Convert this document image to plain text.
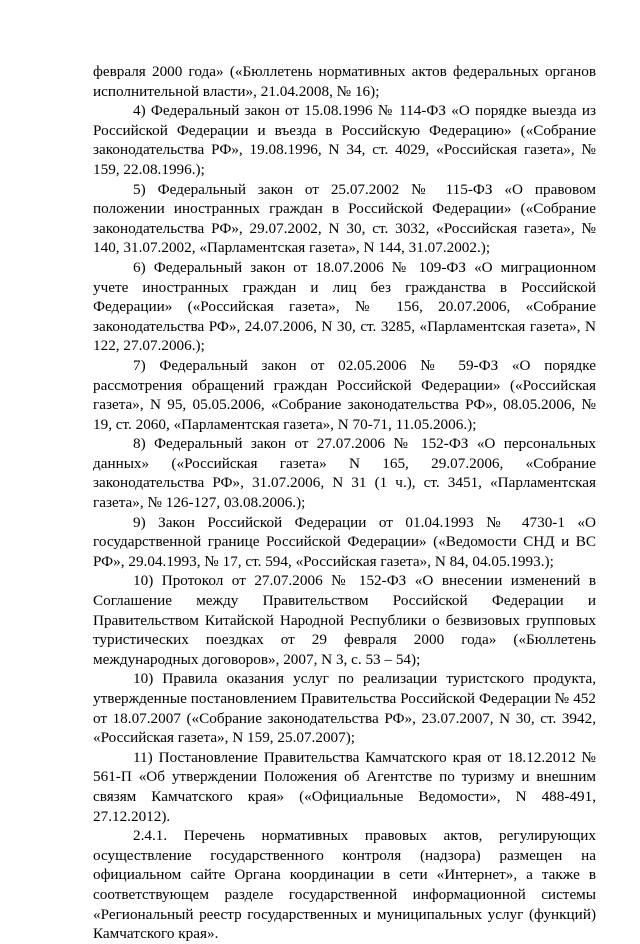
февраля 2000 года» («Бюллетень нормативных актов федеральных органов исполнительной власти», 21.04.2008, № 16);

4) Федеральный закон от 15.08.1996 № 114-ФЗ «О порядке выезда из Российской Федерации и въезда в Российскую Федерацию» («Собрание законодательства РФ», 19.08.1996, N 34, ст. 4029, «Российская газета», № 159, 22.08.1996.);

5) Федеральный закон от 25.07.2002 № 115-ФЗ «О правовом положении иностранных граждан в Российской Федерации» («Собрание законодательства РФ», 29.07.2002, N 30, ст. 3032, «Российская газета», № 140, 31.07.2002, «Парламентская газета», N 144, 31.07.2002.);

6) Федеральный закон от 18.07.2006 № 109-ФЗ «О миграционном учете иностранных граждан и лиц без гражданства в Российской Федерации» («Российская газета», № 156, 20.07.2006, «Собрание законодательства РФ», 24.07.2006, N 30, ст. 3285, «Парламентская газета», N 122, 27.07.2006.);

7) Федеральный закон от 02.05.2006 № 59-ФЗ «О порядке рассмотрения обращений граждан Российской Федерации» («Российская газета», N 95, 05.05.2006, «Собрание законодательства РФ», 08.05.2006, № 19, ст. 2060, «Парламентская газета», N 70-71, 11.05.2006.);

8) Федеральный закон от 27.07.2006 № 152-ФЗ «О персональных данных» («Российская газета» N 165, 29.07.2006, «Собрание законодательства РФ», 31.07.2006, N 31 (1 ч.), ст. 3451, «Парламентская газета», № 126-127, 03.08.2006.);

9) Закон Российской Федерации от 01.04.1993 № 4730-1 «О государственной границе Российской Федерации» («Ведомости СНД и ВС РФ», 29.04.1993, № 17, ст. 594, «Российская газета», N 84, 04.05.1993.);

10) Протокол от 27.07.2006 № 152-ФЗ «О внесении изменений в Соглашение между Правительством Российской Федерации и Правительством Китайской Народной Республики о безвизовых групповых туристических поездках от 29 февраля 2000 года» («Бюллетень международных договоров», 2007, N 3, с. 53 – 54);

10) Правила оказания услуг по реализации туристского продукта, утвержденные постановлением Правительства Российской Федерации № 452 от 18.07.2007 («Собрание законодательства РФ», 23.07.2007, N 30, ст. 3942, «Российская газета», N 159, 25.07.2007);

11) Постановление Правительства Камчатского края от 18.12.2012 № 561-П «Об утверждении Положения об Агентстве по туризму и внешним связям Камчатского края» («Официальные Ведомости», N 488-491, 27.12.2012).

2.4.1. Перечень нормативных правовых актов, регулирующих осуществление государственного контроля (надзора) размещен на официальном сайте Органа координации в сети «Интернет», а также в соответствующем разделе государственной информационной системы «Региональный реестр государственных и муниципальных услуг (функций) Камчатского края».
